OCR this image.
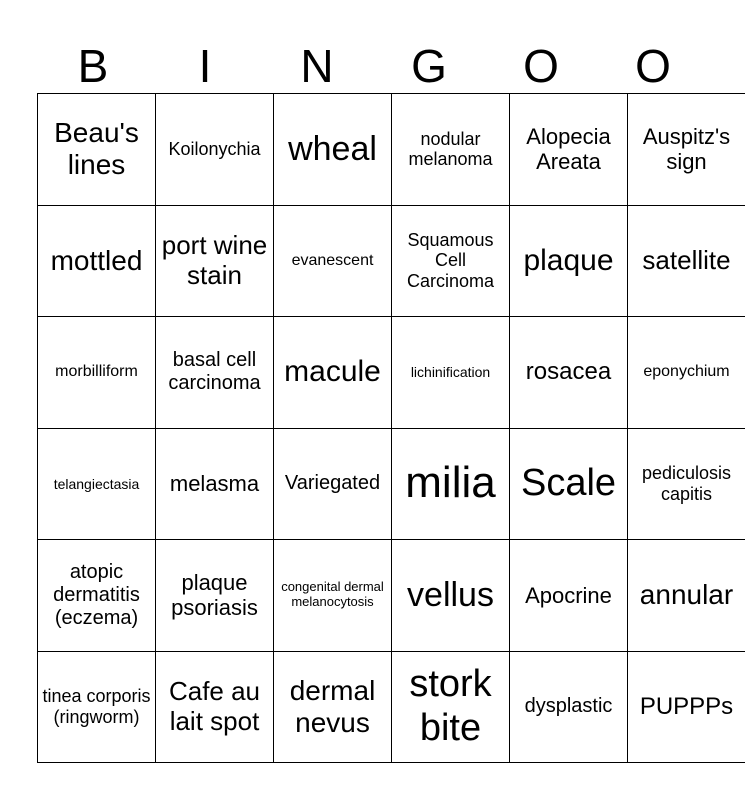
B	I	N	G	O	O
Beau's lines	Koilonychia	wheal	nodular melanoma	Alopecia Areata	Auspitz's sign
mottled	port wine stain	evanescent	Squamous Cell Carcinoma	plaque	satellite
morbilliform	basal cell carcinoma	macule	lichinification	rosacea	eponychium
telangiectasia	melasma	Variegated	milia	Scale	pediculosis capitis
atopic dermatitis (eczema)	plaque psoriasis	congenital dermal melanocytosis	vellus	Apocrine	annular
tinea corporis (ringworm)	Cafe au lait spot	dermal nevus	stork bite	dysplastic	PUPPPs
